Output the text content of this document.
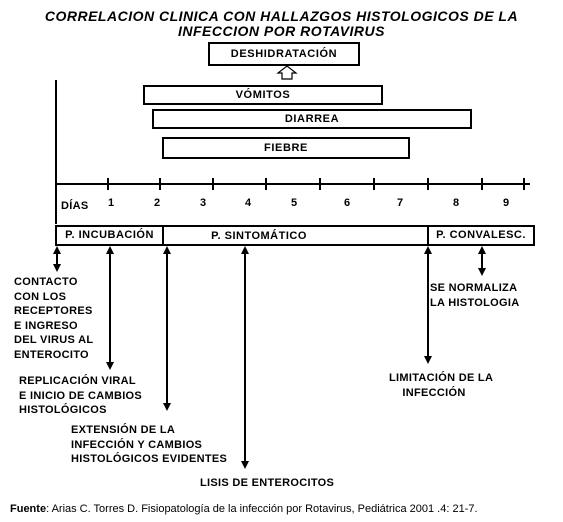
CORRELACION CLINICA CON HALLAZGOS HISTOLOGICOS DE LA
INFECCION POR ROTAVIRUS
DESHIDRATACIÓN
VÓMITOS
DIARREA
FIEBRE
DÍAS	1	2	3	4	5	6	7	8	9
P. INCUBACIÓN	P. SINTOMÁTICO	P. CONVALESC.
CONTACTO
CON LOS
RECEPTORES
E INGRESO
DEL VIRUS AL
ENTEROCITO
REPLICACIÓN VIRAL
E INICIO DE CAMBIOS
HISTOLÓGICOS
EXTENSIÓN DE LA
INFECCIÓN Y CAMBIOS
HISTOLÓGICOS EVIDENTES
LISIS DE ENTEROCITOS
LIMITACIÓN DE LA
INFECCIÓN
SE NORMALIZA
LA HISTOLOGIA
Fuente: Arias C. Torres D. Fisiopatología de la infección por Rotavirus, Pediátrica 2001 .4: 21-7.
